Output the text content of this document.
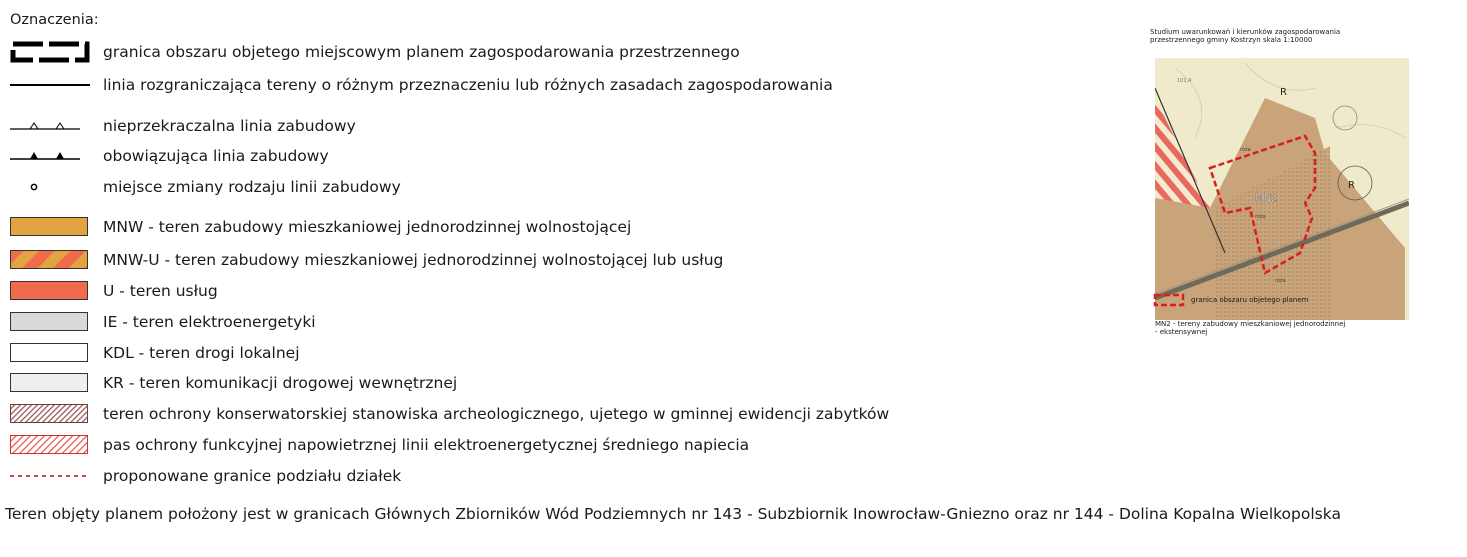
Oznaczenia:
granica obszaru objetego miejscowym planem zagospodarowania przestrzennego
linia rozgraniczająca tereny o różnym przeznaczeniu lub różnych zasadach zagospodarowania
nieprzekraczalna linia zabudowy
obowiązująca linia zabudowy
miejsce zmiany rodzaju linii zabudowy
MNW - teren zabudowy mieszkaniowej jednorodzinnej wolnostojącej
MNW-U - teren zabudowy mieszkaniowej jednorodzinnej wolnostojącej lub usług
U - teren usług
IE - teren elektroenergetyki
KDL - teren drogi lokalnej
KR - teren komunikacji drogowej wewnętrznej
teren ochrony konserwatorskiej stanowiska archeologicznego, ujetego w gminnej ewidencji zabytków
pas ochrony funkcyjnej napowietrznej linii elektroenergetycznej średniego napiecia
proponowane granice podziału działek
Teren objęty planem położony jest w granicach Głównych Zbiorników Wód Podziemnych nr 143 - Subzbiornik Inowrocław-Gniezno oraz nr 144 - Dolina Kopalna Wielkopolska
Studium uwarunkowań i kierunków zagospodarowania
przestrzennego gminy Kostrzyn skala 1:10000
R
R
MN2
róża
róża
róża
101,4
granica obszaru objetego planem
MN2 - tereny zabudowy mieszkaniowej jednorodzinnej
- ekstensywnej
